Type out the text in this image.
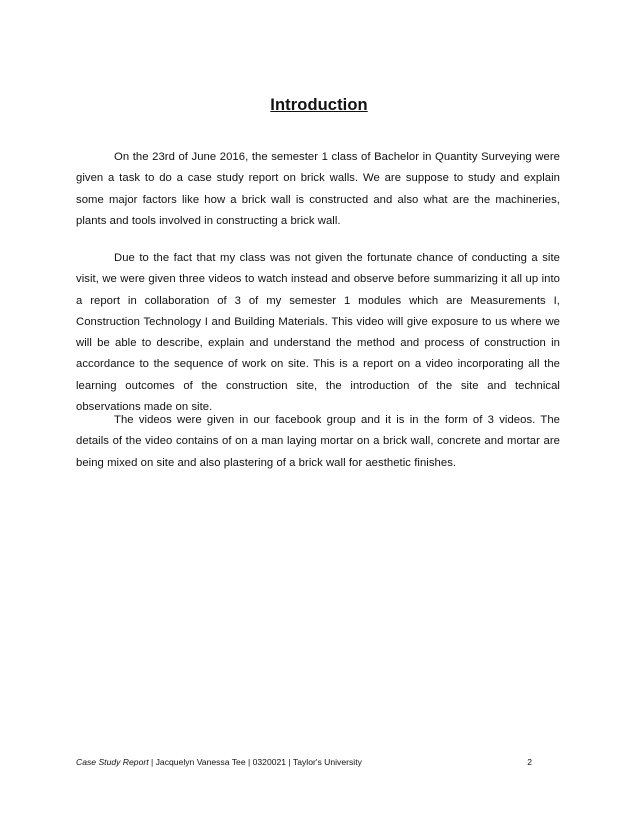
Introduction

On the 23rd of June 2016, the semester 1 class of Bachelor in Quantity Surveying were given a task to do a case study report on brick walls. We are suppose to study and explain some major factors like how a brick wall is constructed and also what are the machineries, plants and tools involved in constructing a brick wall.

Due to the fact that my class was not given the fortunate chance of conducting a site visit, we were given three videos to watch instead and observe before summarizing it all up into a report in collaboration of 3 of my semester 1 modules which are Measurements I, Construction Technology I and Building Materials. This video will give exposure to us where we will be able to describe, explain and understand the method and process of construction in accordance to the sequence of work on site. This is a report on a video incorporating all the learning outcomes of the construction site, the introduction of the site and technical observations made on site.

The videos were given in our facebook group and it is in the form of 3 videos. The details of the video contains of on a man laying mortar on a brick wall, concrete and mortar are being mixed on site and also plastering of a brick wall for aesthetic finishes.

Case Study Report | Jacquelyn Vanessa Tee | 0320021 | Taylor's University	2
